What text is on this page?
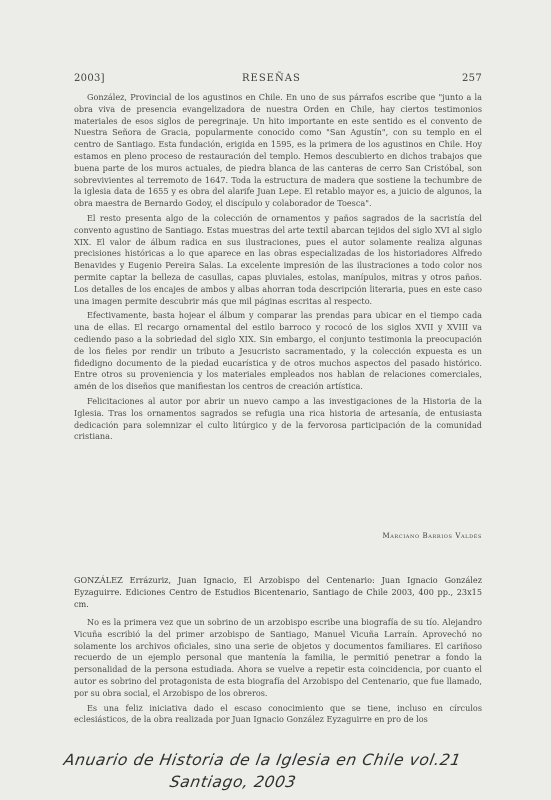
2003]	RESEÑAS	257

González, Provincial de los agustinos en Chile. En uno de sus párrafos escribe que "junto a la obra viva de presencia evangelizadora de nuestra Orden en Chile, hay ciertos testimonios materiales de esos siglos de peregrinaje. Un hito importante en este sentido es el convento de Nuestra Señora de Gracia, popularmente conocido como "San Agustín", con su templo en el centro de Santiago. Esta fundación, erigida en 1595, es la primera de los agustinos en Chile. Hoy estamos en pleno proceso de restauración del templo. Hemos descubierto en dichos trabajos que buena parte de los muros actuales, de piedra blanca de las canteras de cerro San Cristóbal, son sobrevivientes al terremoto de 1647. Toda la estructura de madera que sostiene la techumbre de la iglesia data de 1655 y es obra del alarife Juan Lepe. El retablo mayor es, a juicio de algunos, la obra maestra de Bernardo Godoy, el discípulo y colaborador de Toesca".

El resto presenta algo de la colección de ornamentos y paños sagrados de la sacristía del convento agustino de Santiago. Estas muestras del arte textil abarcan tejidos del siglo XVI al siglo XIX. El valor de álbum radica en sus ilustraciones, pues el autor solamente realiza algunas precisiones históricas a lo que aparece en las obras especializadas de los historiadores Alfredo Benavides y Eugenio Pereira Salas. La excelente impresión de las ilustraciones a todo color nos permite captar la belleza de casullas, capas pluviales, estolas, manípulos, mitras y otros paños. Los detalles de los encajes de ambos y albas ahorran toda descripción literaria, pues en este caso una imagen permite descubrir más que mil páginas escritas al respecto.

Efectivamente, basta hojear el álbum y comparar las prendas para ubicar en el tiempo cada una de ellas. El recargo ornamental del estilo barroco y rococó de los siglos XVII y XVIII va cediendo paso a la sobriedad del siglo XIX. Sin embargo, el conjunto testimonia la preocupación de los fieles por rendir un tributo a Jesucristo sacramentado, y la colección expuesta es un fidedigno documento de la piedad eucarística y de otros muchos aspectos del pasado histórico. Entre otros su proveniencia y los materiales empleados nos hablan de relaciones comerciales, amén de los diseños que manifiestan los centros de creación artística.

Felicitaciones al autor por abrir un nuevo campo a las investigaciones de la Historia de la Iglesia. Tras los ornamentos sagrados se refugia una rica historia de artesanía, de entusiasta dedicación para solemnizar el culto litúrgico y de la fervorosa participación de la comunidad cristiana.

Marciano Barrios Valdés
GONZÁLEZ Errázuriz, Juan Ignacio, El Arzobispo del Centenario: Juan Ignacio González Eyzaguirre. Ediciones Centro de Estudios Bicentenario, Santiago de Chile 2003, 400 pp., 23x15 cm.

No es la primera vez que un sobrino de un arzobispo escribe una biografía de su tío. Alejandro Vicuña escribió la del primer arzobispo de Santiago, Manuel Vicuña Larraín. Aprovechó no solamente los archivos oficiales, sino una serie de objetos y documentos familiares. El cariñoso recuerdo de un ejemplo personal que mantenía la familia, le permitió penetrar a fondo la personalidad de la persona estudiada. Ahora se vuelve a repetir esta coincidencia, por cuanto el autor es sobrino del protagonista de esta biografía del Arzobispo del Centenario, que fue llamado, por su obra social, el Arzobispo de los obreros.

Es una feliz iniciativa dado el escaso conocimiento que se tiene, incluso en círculos eclesiásticos, de la obra realizada por Juan Ignacio González Eyzaguirre en pro de los

Anuario de Historia de la Iglesia en Chile vol.21
Santiago, 2003
